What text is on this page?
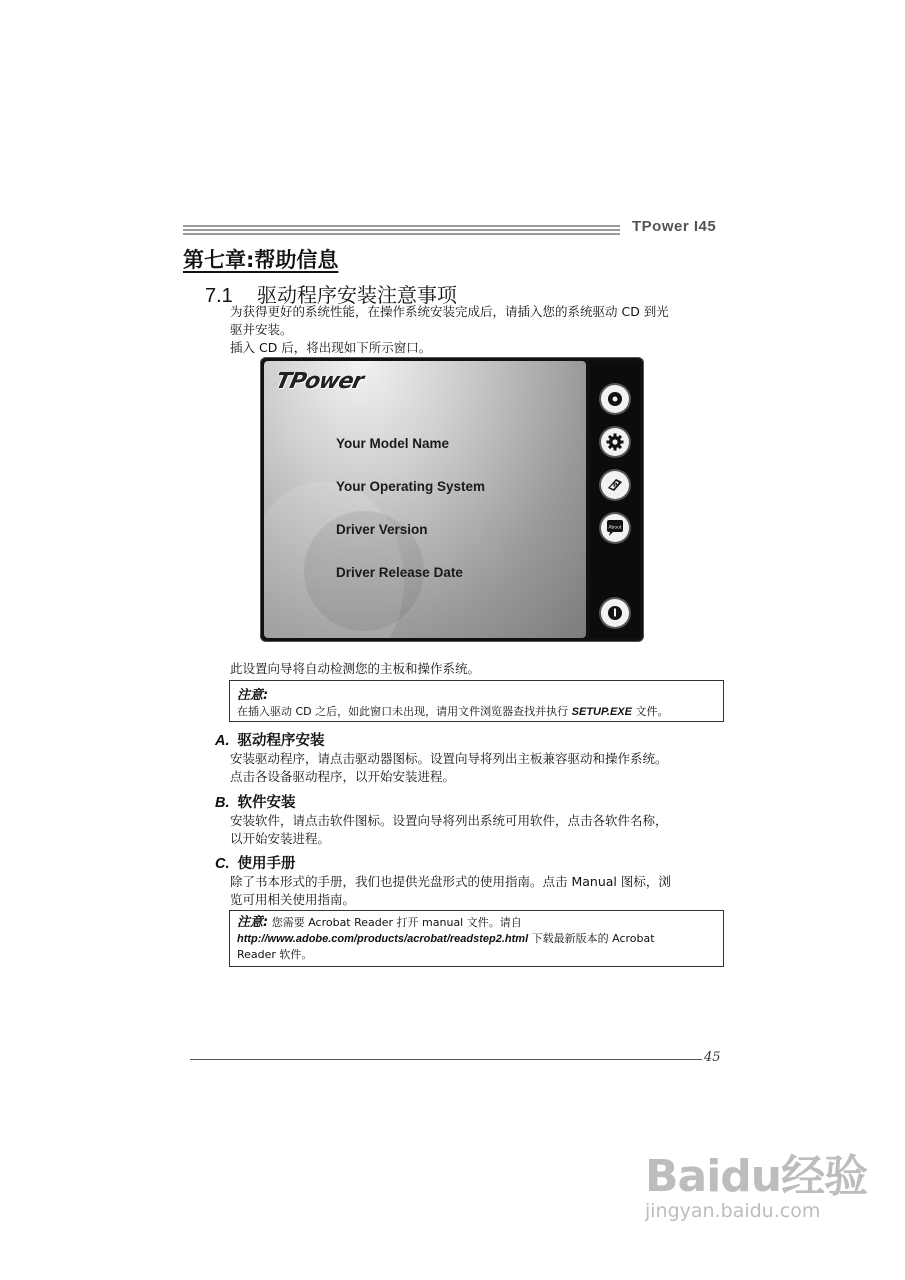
TPower I45
第七章:帮助信息
7.1 驱动程序安装注意事项
为获得更好的系统性能，在操作系统安装完成后，请插入您的系统驱动 CD 到光
驱并安装。
插入 CD 后，将出现如下所示窗口。
TPower
Your Model Name
Your Operating System
Driver Version
Driver Release Date
P
About
此设置向导将自动检测您的主板和操作系统。
注意:
在插入驱动 CD 之后，如此窗口未出现，请用文件浏览器查找并执行 SETUP.EXE 文件。
A. 驱动程序安装
安装驱动程序，请点击驱动器图标。设置向导将列出主板兼容驱动和操作系统。
点击各设备驱动程序，以开始安装进程。
B. 软件安装
安装软件，请点击软件图标。设置向导将列出系统可用软件，点击各软件名称，
以开始安装进程。
C. 使用手册
除了书本形式的手册，我们也提供光盘形式的使用指南。点击 Manual 图标，浏
览可用相关使用指南。
注意: 您需要 Acrobat Reader 打开 manual 文件。请自
http://www.adobe.com/products/acrobat/readstep2.html 下载最新版本的 Acrobat
Reader 软件。
45
Baidu经验
jingyan.baidu.com
